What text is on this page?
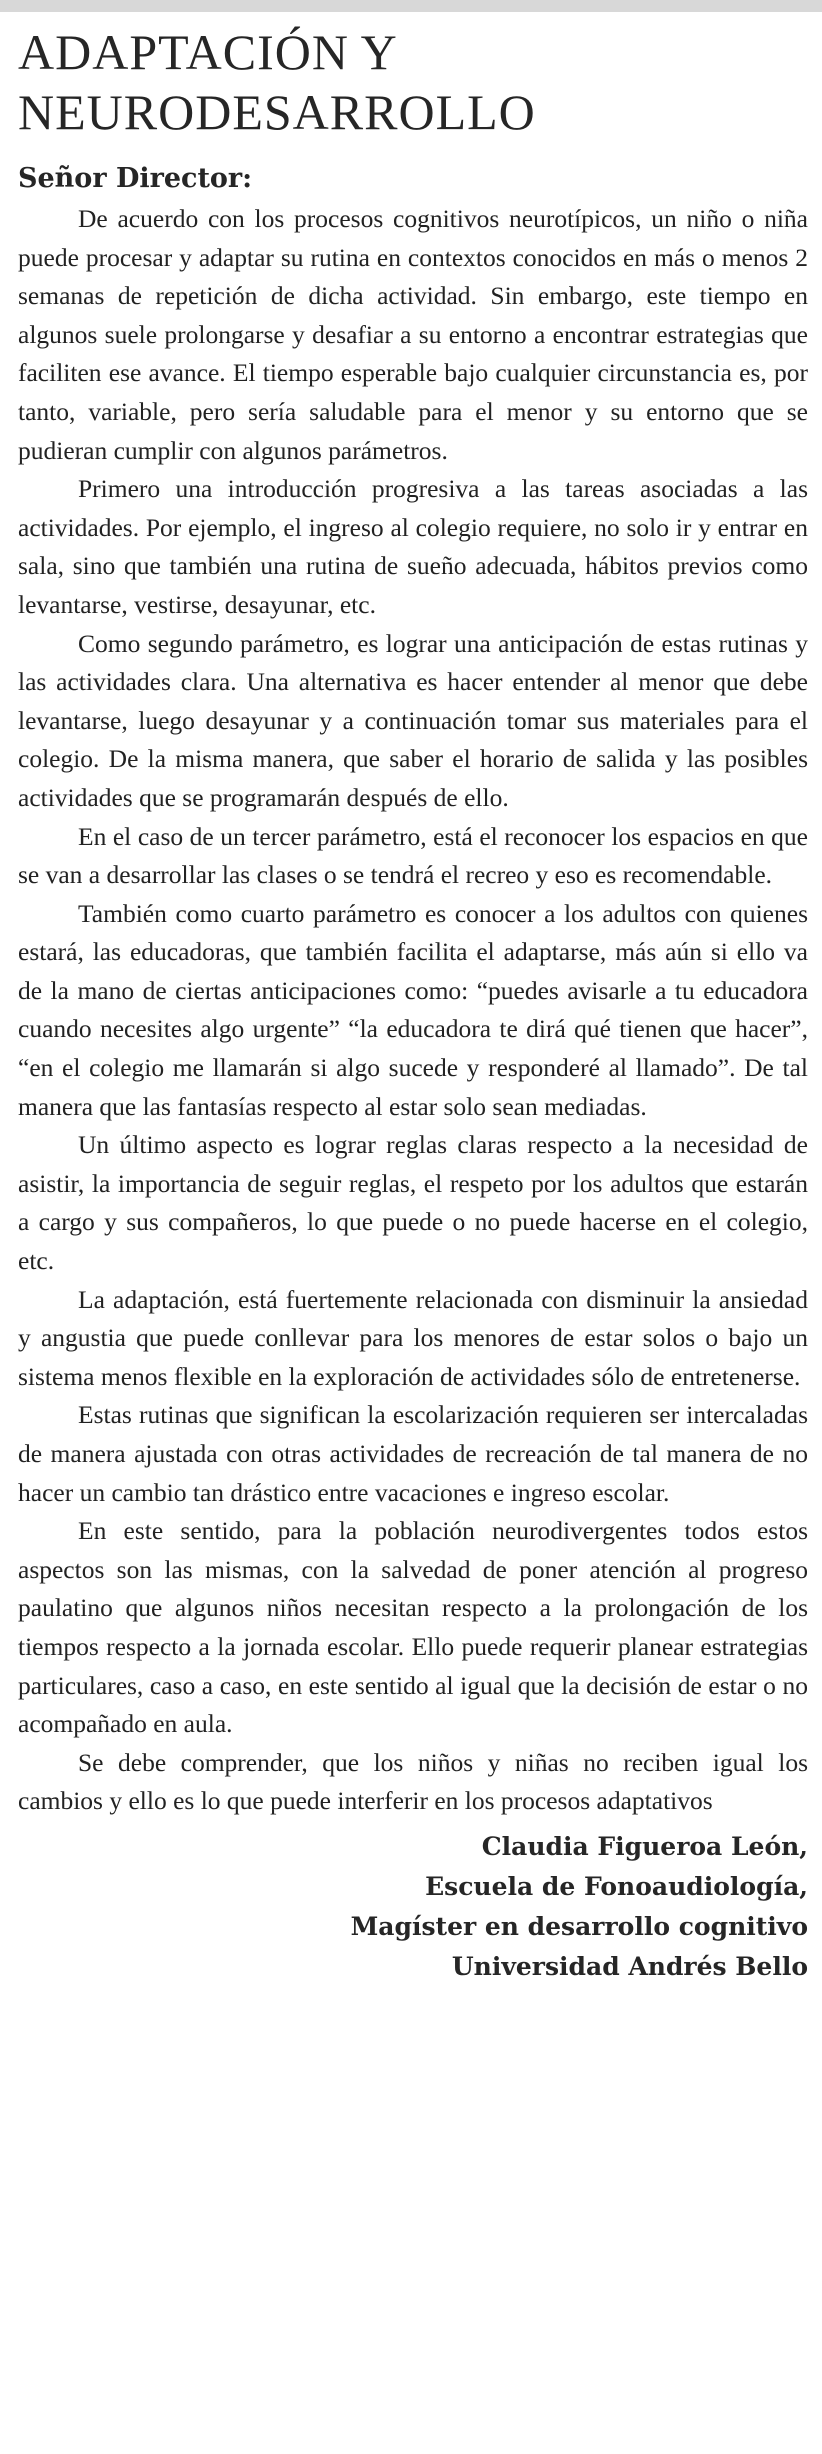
ADAPTACIÓN Y NEURODESARROLLO
Señor Director:

De acuerdo con los procesos cognitivos neurotípicos, un niño o niña puede procesar y adaptar su rutina en contextos conocidos en más o menos 2 semanas de repetición de dicha actividad. Sin embargo, este tiempo en algunos suele prolongarse y desafiar a su entorno a encontrar estrategias que faciliten ese avance. El tiempo esperable bajo cualquier circunstancia es, por tanto, variable, pero sería saludable para el menor y su entorno que se pudieran cumplir con algunos parámetros.

Primero una introducción progresiva a las tareas asociadas a las actividades. Por ejemplo, el ingreso al colegio requiere, no solo ir y entrar en sala, sino que también una rutina de sueño adecuada, hábitos previos como levantarse, vestirse, desayunar, etc.

Como segundo parámetro, es lograr una anticipación de estas rutinas y las actividades clara. Una alternativa es hacer entender al menor que debe levantarse, luego desayunar y a continuación tomar sus materiales para el colegio. De la misma manera, que saber el horario de salida y las posibles actividades que se programarán después de ello.

En el caso de un tercer parámetro, está el reconocer los espacios en que se van a desarrollar las clases o se tendrá el recreo y eso es recomendable.

También como cuarto parámetro es conocer a los adultos con quienes estará, las educadoras, que también facilita el adaptarse, más aún si ello va de la mano de ciertas anticipaciones como: “puedes avisarle a tu educadora cuando necesites algo urgente” “la educadora te dirá qué tienen que hacer”, “en el colegio me llamarán si algo sucede y responderé al llamado”. De tal manera que las fantasías respecto al estar solo sean mediadas.

Un último aspecto es lograr reglas claras respecto a la necesidad de asistir, la importancia de seguir reglas, el respeto por los adultos que estarán a cargo y sus compañeros, lo que puede o no puede hacerse en el colegio, etc.

La adaptación, está fuertemente relacionada con disminuir la ansiedad y angustia que puede conllevar para los menores de estar solos o bajo un sistema menos flexible en la exploración de actividades sólo de entretenerse.

Estas rutinas que significan la escolarización requieren ser intercaladas de manera ajustada con otras actividades de recreación de tal manera de no hacer un cambio tan drástico entre vacaciones e ingreso escolar.

En este sentido, para la población neurodivergentes todos estos aspectos son las mismas, con la salvedad de poner atención al progreso paulatino que algunos niños necesitan respecto a la prolongación de los tiempos respecto a la jornada escolar. Ello puede requerir planear estrategias particulares, caso a caso, en este sentido al igual que la decisión de estar o no acompañado en aula.

Se debe comprender, que los niños y niñas no reciben igual los cambios y ello es lo que puede interferir en los procesos adaptativos

Claudia Figueroa León,
Escuela de Fonoaudiología,
Magíster en desarrollo cognitivo
Universidad Andrés Bello
